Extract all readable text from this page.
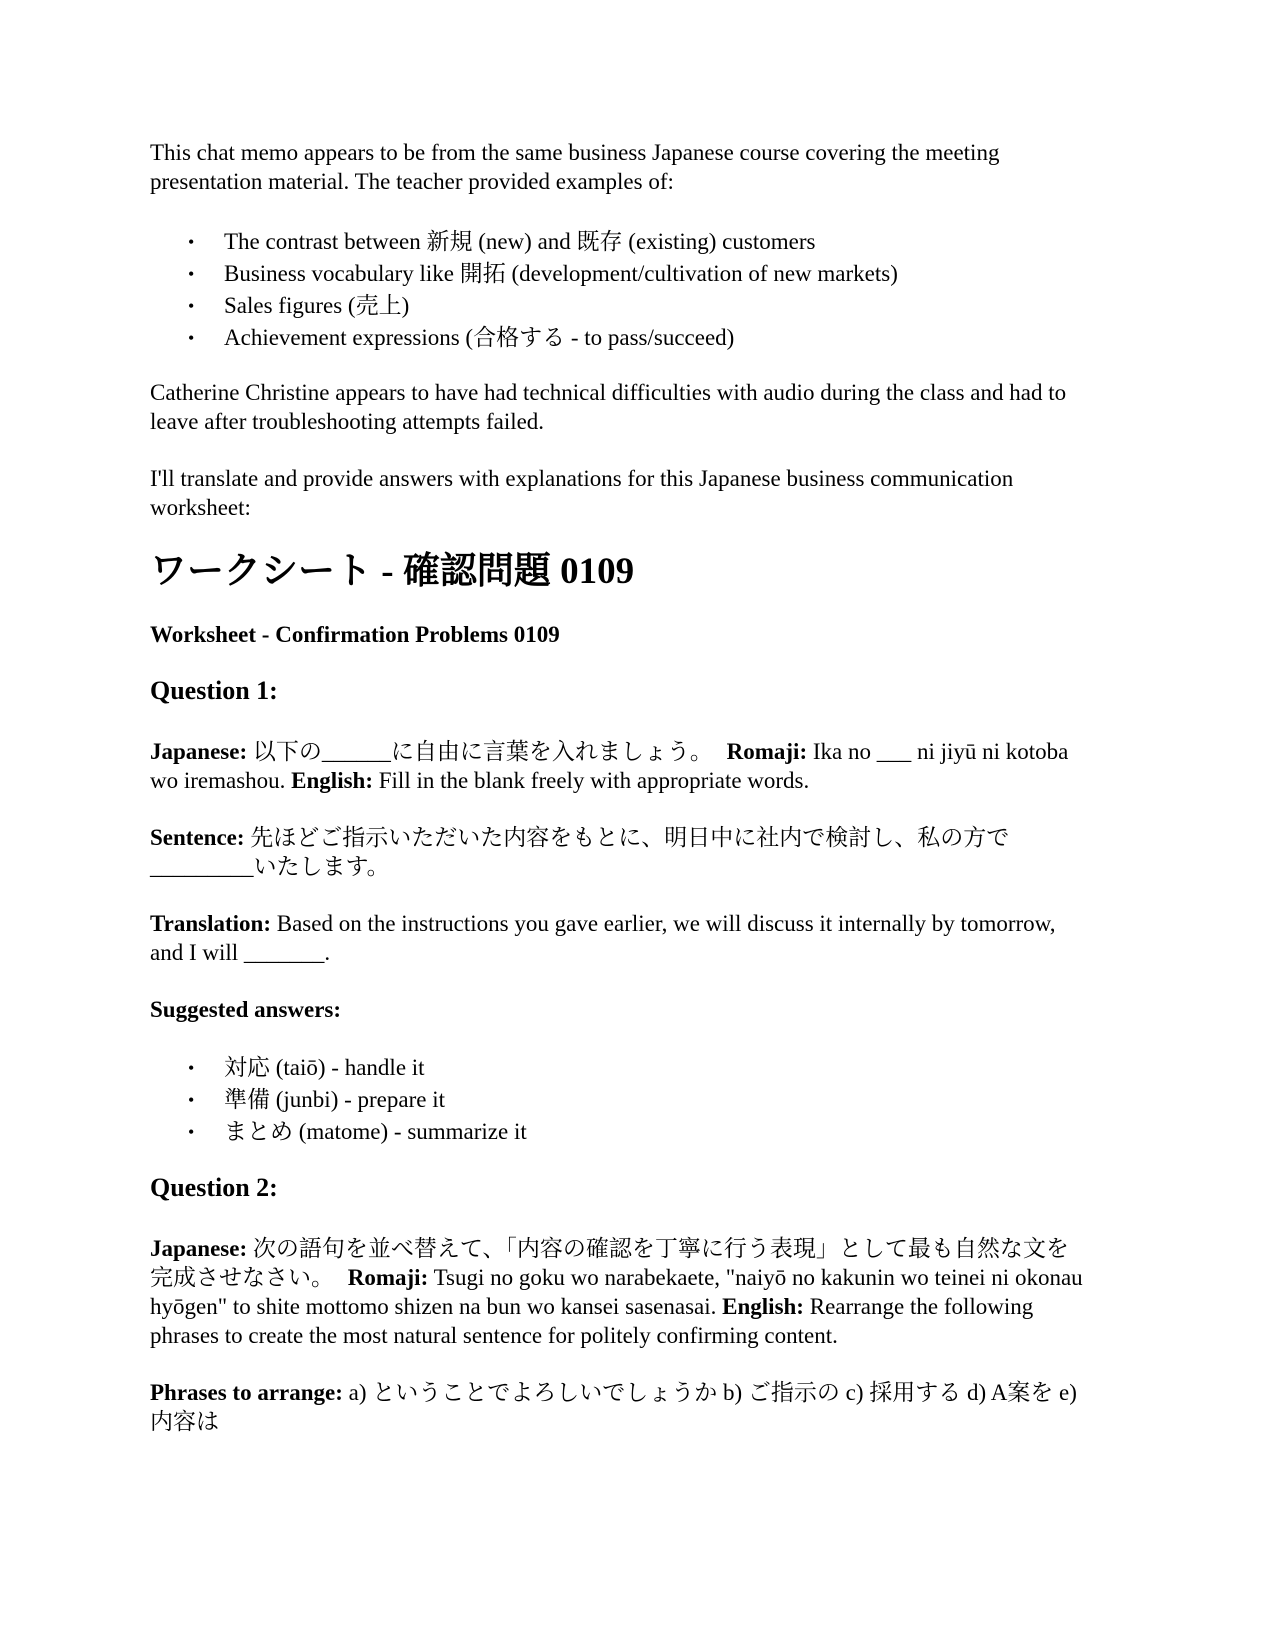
This chat memo appears to be from the same business Japanese course covering the meeting presentation material. The teacher provided examples of:

• The contrast between 新規 (new) and 既存 (existing) customers
• Business vocabulary like 開拓 (development/cultivation of new markets)
• Sales figures (売上)
• Achievement expressions (合格する - to pass/succeed)

Catherine Christine appears to have had technical difficulties with audio during the class and had to leave after troubleshooting attempts failed.

I'll translate and provide answers with explanations for this Japanese business communication worksheet:

ワークシート - 確認問題 0109

Worksheet - Confirmation Problems 0109

Question 1:

Japanese: 以下の______に自由に言葉を入れましょう。 Romaji: Ika no ___ ni jiyū ni kotoba wo iremashou. English: Fill in the blank freely with appropriate words.

Sentence: 先ほどご指示いただいた内容をもとに、明日中に社内で検討し、私の方で_________いたします。

Translation: Based on the instructions you gave earlier, we will discuss it internally by tomorrow, and I will _______.

Suggested answers:

• 対応 (taiō) - handle it
• 準備 (junbi) - prepare it
• まとめ (matome) - summarize it
Question 2:

Japanese: 次の語句を並べ替えて、「内容の確認を丁寧に行う表現」として最も自然な文を完成させなさい。 Romaji: Tsugi no goku wo narabekaete, "naiyō no kakunin wo teinei ni okonau hyōgen" to shite mottomo shizen na bun wo kansei sasenasai. English: Rearrange the following phrases to create the most natural sentence for politely confirming content.

Phrases to arrange: a) ということでよろしいでしょうか b) ご指示の c) 採用する d) A案を e) 内容は
